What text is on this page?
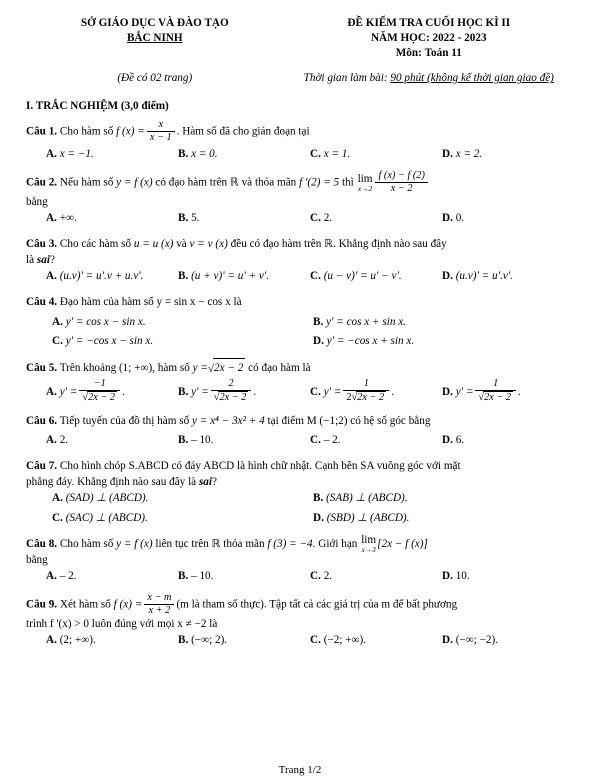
SỞ GIÁO DỤC VÀ ĐÀO TẠO
BẮC NINH
ĐỀ KIỂM TRA CUỐI HỌC KÌ II
NĂM HỌC: 2022 - 2023
Môn: Toán 11
(Đề có 02 trang)	Thời gian làm bài: 90 phút (không kể thời gian giao đề)
I. TRẮC NGHIỆM (3,0 điểm)
Câu 1. Cho hàm số f $(x) = \frac{x}{x - 1}$ . Hàm số đã cho gián đoạn tại
A. x = −1.	B. x = 0.	C. x = 1.	D. x = 2.
Câu 2. Nếu hàm số y = f (x) có đạo hàm trên ℝ và thỏa mãn f '(2) = 5 thì lim
$x\to 2 \frac{f (x) - f (2)}{x - 2}$
bằng
A. +∞.	B. 5.	C. 2.	D. 0.
Câu 3. Cho các hàm số u = u (x) và v = v (x) đều có đạo hàm trên ℝ. Khẳng định nào sau đây
là sai?
A. (u.v)' = u'.v + u.v'.	B. (u + v)' = u' + v'.	C. (u − v)' = u' − v'.	D. (u.v)' = u'.v'.
Câu 4. Đạo hàm của hàm số y = sin x − cos x là
A. y' = cos x − sin x.	B. y' = cos x + sin x.
C. y' = −cos x − sin x.	D. y' = −cos x + sin x.
Câu 5. Trên khoảng (1; +∞), hàm số y =√2x − 2 có đạo hàm là
A. $y' = \frac{-1}{√2x - 2}$ .	B. $y' = \frac{2}{√2x - 2}$ .	C. $y' = \frac{1}{2√2x - 2}$ .	D. $y' = \frac{1}{√2x - 2}$ .
Câu 6. Tiếp tuyến của đồ thị hàm số y = x⁴ − 3x² + 4 tại điểm M (−1;2) có hệ số góc bằng
A. 2.	B. – 10.	C. – 2.	D. 6.
Câu 7. Cho hình chóp S.ABCD có đáy ABCD là hình chữ nhật. Cạnh bên SA vuông góc với mặt
phẳng đáy. Khẳng định nào sau đây là sai?
A. (SAD) ⊥ (ABCD).	B. (SAB) ⊥ (ABCD).
C. (SAC) ⊥ (ABCD).	D. (SBD) ⊥ (ABCD).
Câu 8. Cho hàm số y = f (x) liên tục trên ℝ thỏa mãn f (3) = −4. Giới hạn lim
x→3 [2x − f (x)]
bằng
A. – 2.	B. – 10.	C. 2.	D. 10.
Câu 9. Xét hàm số f $(x) = \frac{x - m}{x + 2} (m$ là tham số thực). Tập tất cả các giá trị của m để bất phương
trình f '(x) > 0 luôn đúng với mọi x ≠ −2 là
A. (2; +∞).	B. (−∞; 2).	C. (−2; +∞).	D. (−∞; −2).
Trang 1/2
